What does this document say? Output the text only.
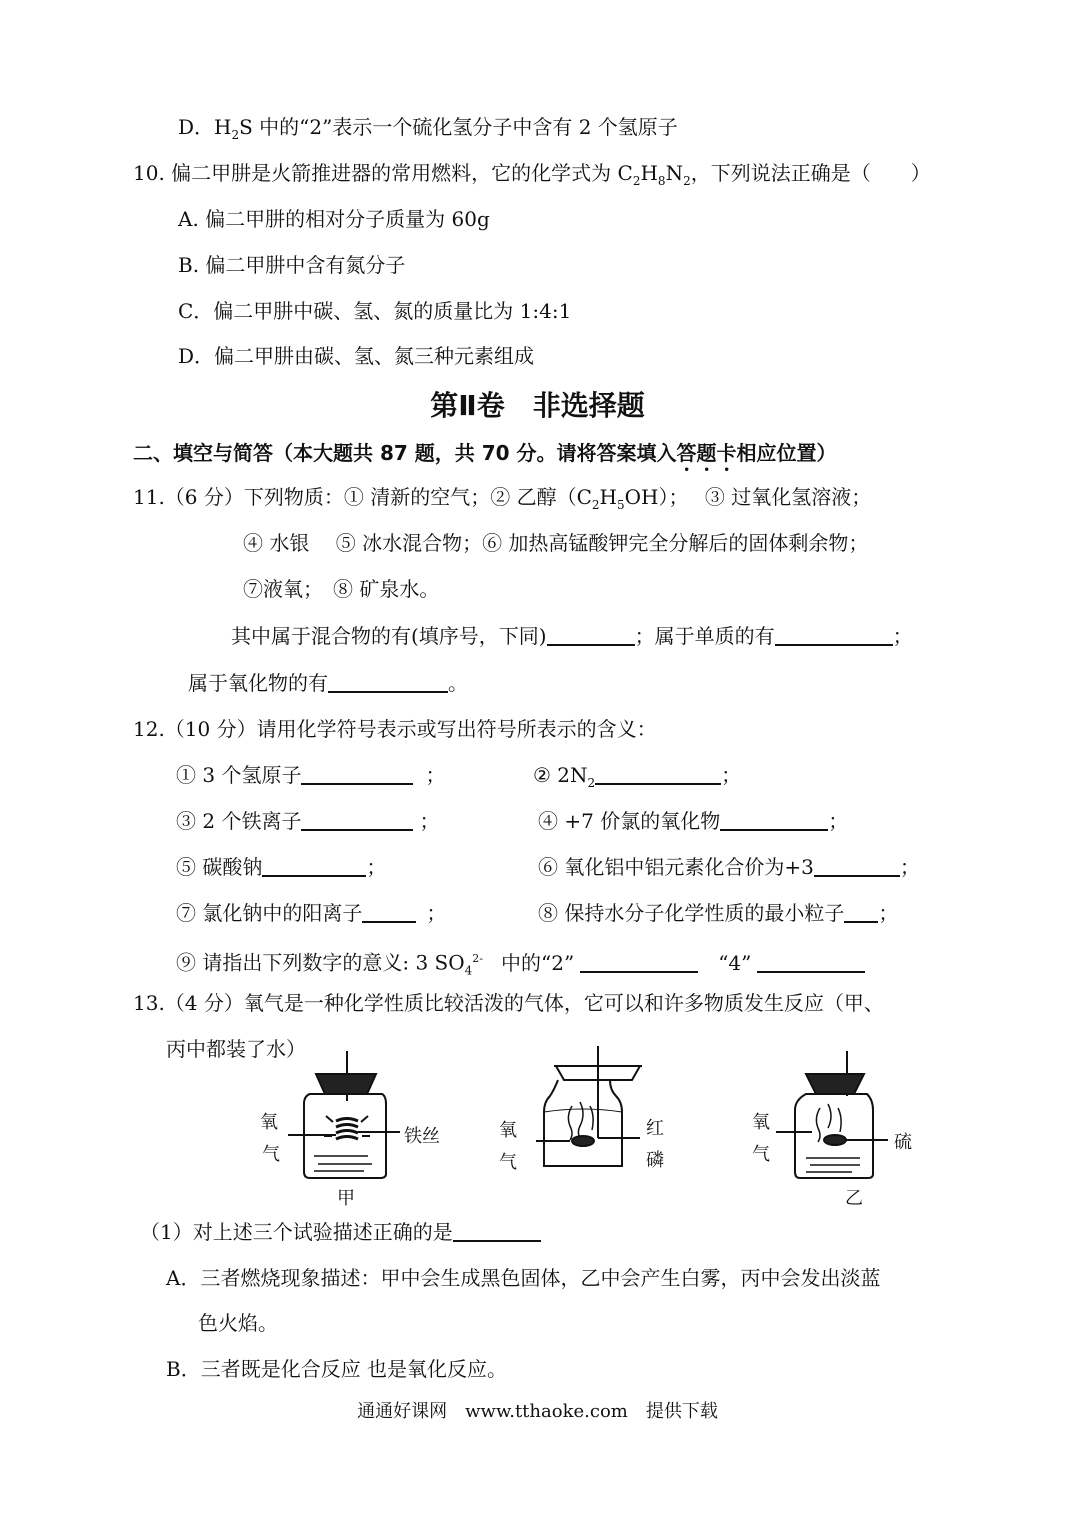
D．$H_2S$ 中的“2”表示一个硫化氢分子中含有 2 个氢原子
10. 偏二甲肼是火箭推进器的常用燃料，它的化学式为 $C_2H_8N_2$，下列说法正确是（　　）
A. 偏二甲肼的相对分子质量为 60g
B. 偏二甲肼中含有氮分子
C．偏二甲肼中碳、氢、氮的质量比为 1:4:1
D．偏二甲肼由碳、氢、氮三种元素组成
第Ⅱ卷　非选择题
二、填空与简答（本大题共 87 题，共 70 分。请将答案填入答题卡相应位置）
11.（6 分）下列物质：① 清新的空气；② 乙醇$(C_2H_5OH)$；　 ③ 过氧化氢溶液；
④ 水银　 ⑤ 冰水混合物；⑥ 加热高锰酸钾完全分解后的固体剩余物；
⑦液氧；　⑧ 矿泉水。
其中属于混合物的有(填序号，下同)	；属于单质的有	；
属于氧化物的有	。
12.（10 分）请用化学符号表示或写出符号所表示的含义：
① 3 个氢原子	；	② $2N_2$	；
③ 2 个铁离子	；	④ +7 价氯的氧化物	；
⑤ 碳酸钠	；	⑥ 氧化铝中铝元素化合价为+3	；
⑦ 氯化钠中的阳离子	；	⑧ 保持水分子化学性质的最小粒子 ；
⑨ 请指出下列数字的意义: 3 $SO_4^{2-}$ 中的“2”	“4”
13.（4 分）氧气是一种化学性质比较活泼的气体，它可以和许多物质发生反应（甲、
丙中都装了水）
氧
气
铁丝
甲
氧
气
红
磷
氧
气
硫
乙
（1）对上述三个试验描述正确的是
A．三者燃烧现象描述：甲中会生成黑色固体，乙中会产生白雾，丙中会发出淡蓝
色火焰。
B．三者既是化合反应 也是氧化反应。
通通好课网　www.tthaoke.com　提供下载
